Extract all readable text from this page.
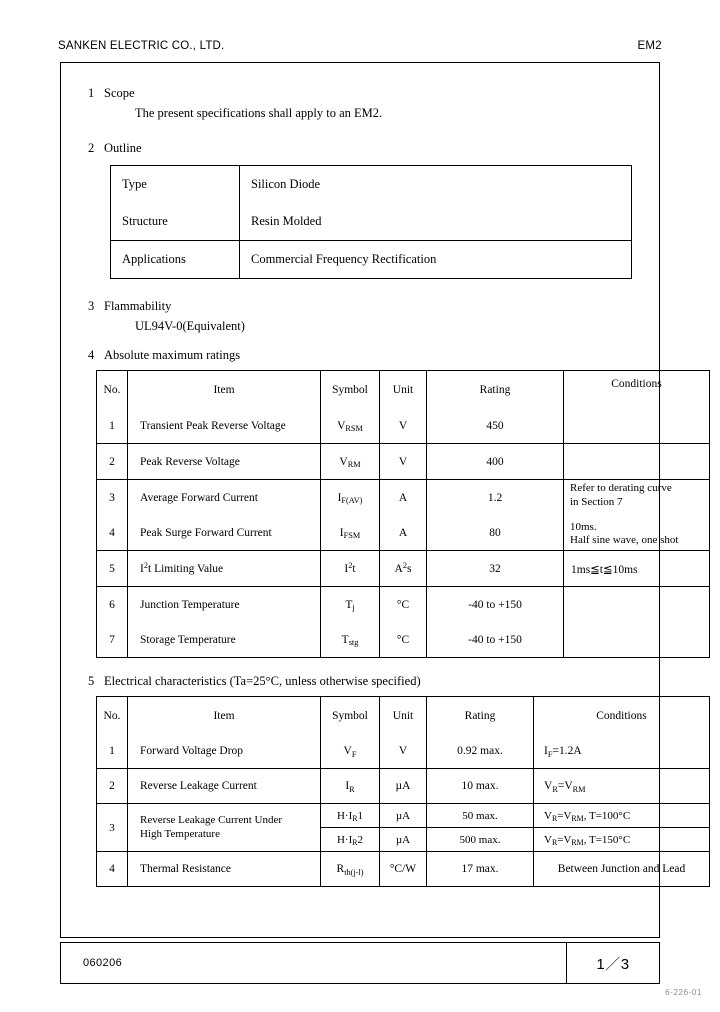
SANKEN ELECTRIC CO., LTD.	EM2
1 Scope
The present specifications shall apply to an EM2.
2 Outline
Type	Silicon Diode
Structure	Resin Molded
Applications	Commercial Frequency Rectification
3 Flammability
UL94V-0(Equivalent)
4 Absolute maximum ratings
No.	Item	Symbol	Unit	Rating	Conditions
1	Transient Peak Reverse Voltage	$V_{RSM}$	V	450	
2	Peak Reverse Voltage	$V_{RM}$	V	400	
3	Average Forward Current	$I_{F(AV)}$	A	1.2	Refer to derating curve
in Section 7

4	Peak Surge Forward Current	$I_{FSM}$	A	80	10ms.
Half sine wave, one shot

5	$I^2t$ Limiting Value	$I^2t$	$A^2s$	32	1ms≦t≦10ms
6	Junction Temperature	$T_j$	°C	-40 to +150	
7	Storage Temperature	$T_{stg}$	°C	-40 to +150	
5 Electrical characteristics (Ta=25°C, unless otherwise specified)
No.	Item	Symbol	Unit	Rating	Conditions
1	Forward Voltage Drop	$V_F$	V	0.92 max.	$I_F=1.2A$
2	Reverse Leakage Current	$I_R$	µA	10 max.	$V_R=V_{RM}$
3	Reverse Leakage Current Under
High Temperature	$H\cdot I_R1$	µA	50 max.	$V_R=V_{RM}$, T=100°C
		$H\cdot I_R2$	µA	500 max.	$V_R=V_{RM}$, T=150°C
4	Thermal Resistance	$R_{th(j-l)}$	°C/W	17 max.	Between Junction and Lead
060206	1／3
6-226-01
